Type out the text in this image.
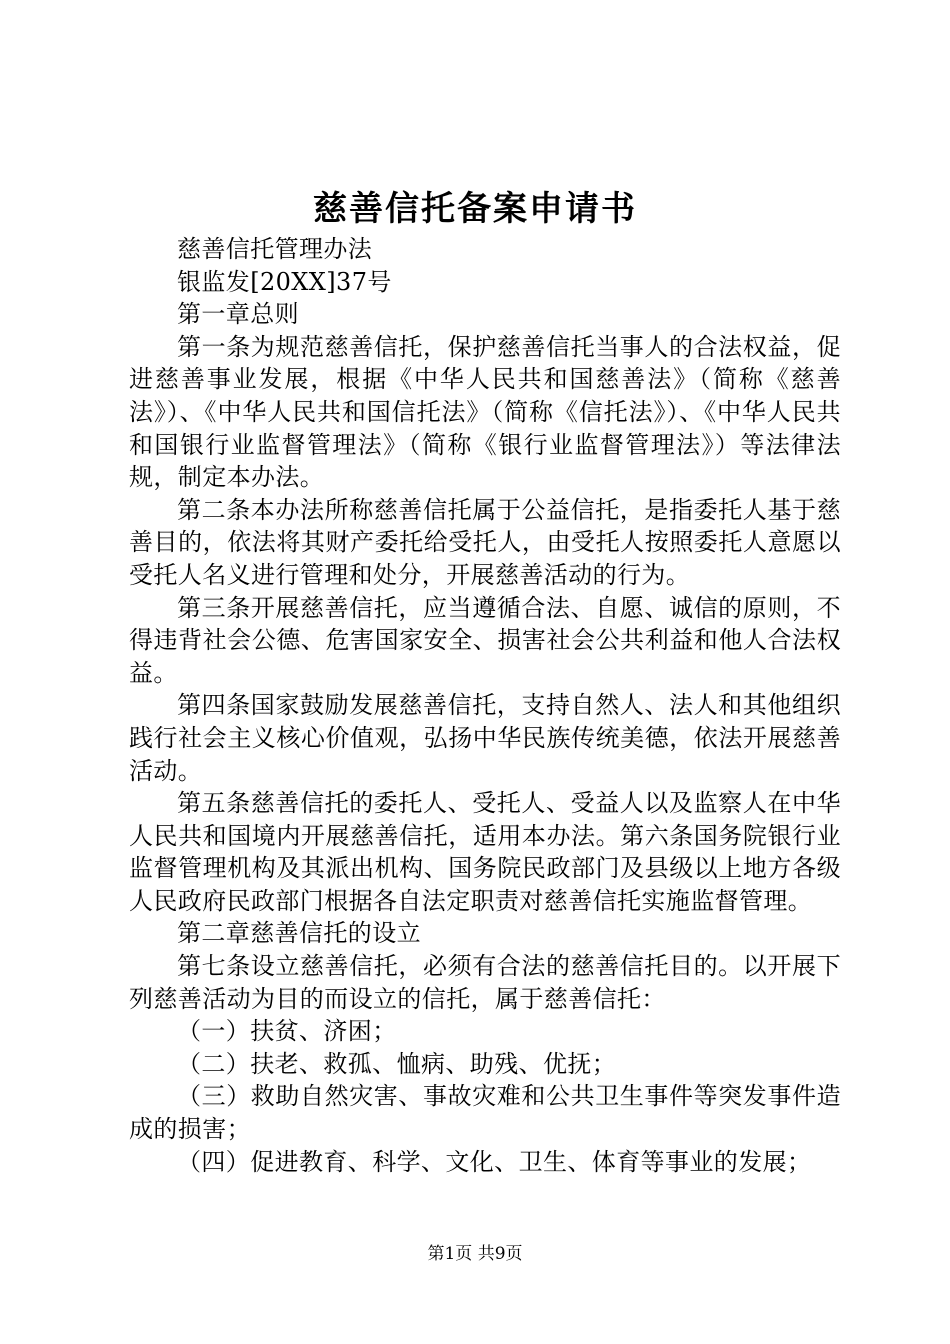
慈善信托备案申请书

慈善信托管理办法

银监发[20XX]37号

第一章总则

第一条为规范慈善信托，保护慈善信托当事人的合法权益，促进慈善事业发展，根据《中华人民共和国慈善法》（简称《慈善法》）、《中华人民共和国信托法》（简称《信托法》）、《中华人民共和国银行业监督管理法》（简称《银行业监督管理法》）等法律法规，制定本办法。

第二条本办法所称慈善信托属于公益信托，是指委托人基于慈善目的，依法将其财产委托给受托人，由受托人按照委托人意愿以受托人名义进行管理和处分，开展慈善活动的行为。

第三条开展慈善信托，应当遵循合法、自愿、诚信的原则，不得违背社会公德、危害国家安全、损害社会公共利益和他人合法权益。

第四条国家鼓励发展慈善信托，支持自然人、法人和其他组织践行社会主义核心价值观，弘扬中华民族传统美德，依法开展慈善活动。

第五条慈善信托的委托人、受托人、受益人以及监察人在中华人民共和国境内开展慈善信托，适用本办法。第六条国务院银行业监督管理机构及其派出机构、国务院民政部门及县级以上地方各级人民政府民政部门根据各自法定职责对慈善信托实施监督管理。

第二章慈善信托的设立

第七条设立慈善信托，必须有合法的慈善信托目的。以开展下列慈善活动为目的而设立的信托，属于慈善信托：

（一）扶贫、济困；

（二）扶老、救孤、恤病、助残、优抚；

（三）救助自然灾害、事故灾难和公共卫生事件等突发事件造成的损害；

（四）促进教育、科学、文化、卫生、体育等事业的发展；

第1页 共9页
